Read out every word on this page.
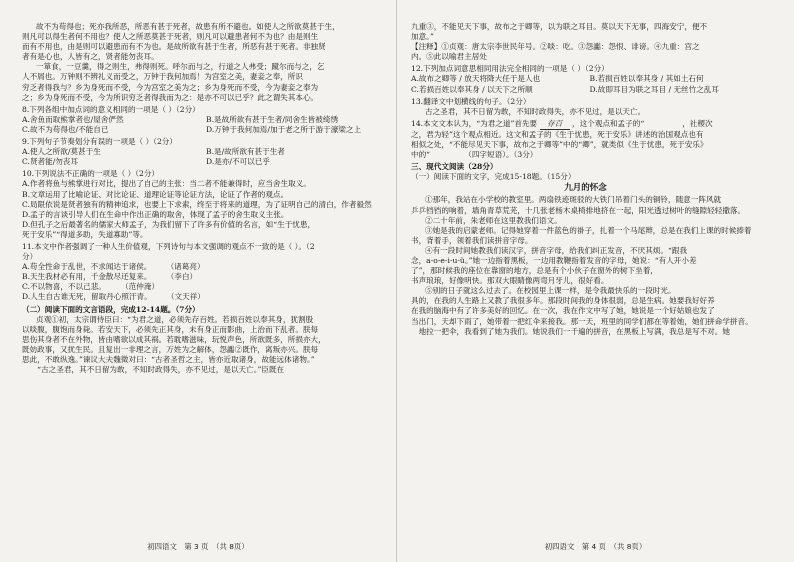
故不为苟得也；死亦我所恶，所恶有甚于死者，故患有所不避也。如使人之所欲莫甚于生，

则凡可以得生者何不用也？使人之所恶莫甚于死者，则凡可以避患者何不为也？由是则生

而有不用也，由是则可以避患而有不为也。是故所欲有甚于生者，所恶有甚于死者。非独贤

者有是心也，人皆有之，贤者能勿丧耳。

一箪食，一豆羹，得之则生，弗得则死。呼尔而与之，行道之人弗受；蹴尔而与之，乞

人不屑也。万钟则不辨礼义而受之，万钟于我何加焉！为宫室之美，妻妾之奉，所识

穷乏者得我与？乡为身死而不受，今为宫室之美为之；乡为身死而不受，今为妻妾之奉为

之；乡为身死而不受，今为所识穷乏者得我而为之：是亦不可以已乎？此之谓失其本心。

8.下列各组中加点词的意义相同的一项是（ ）（2分）

A.舍鱼而取熊掌者也/屋舍俨然	B.是故所欲有甚于生者/同舍生皆被绮绣
C.故不为苟得也/不能自已	D.万钟于我何加焉/加于老之所于游于濠梁之上

9.下列句子节奏划分有误的一项是（ ）（2分）

A.使人之所欲/莫甚于生	B.是/故所欲有甚于生者
C.贤者能/勿丧耳	D.是亦/不可以已乎

10.下列说法不正确的一项是（ ）（2分）

A.作者将鱼与熊掌进行对比，提出了自己的主张：当二者不能兼得时，应当舍生取义。

B.文章运用了比喻论证、对比论证、道理论证等论证方法，论证了作者的观点。

C.局限依说是贤者独有的精神追求，也要上下求索，终至于将来的道理，为了证明自己的清白，作者毅然

D.孟子的言谈引导人们在生命中作出正确的取舍，体现了孟子的舍生取义主张。

D.但孔子之后最著名的儒家大师孟子，为我们留下了许多有价值的名言，如“生于忧患，

死于安乐”“得道多助，失道寡助”等。

11.本文中作者强调了一种人生价值观，下列诗句与本文强调的观点不一致的是（ ）。（2

分）

A.苟全性命于乱世，不求闻达于诸侯。　　　（诸葛亮）

B.天生我材必有用，千金散尽还复来。　　　（李白）

C.不以物喜，不以己悲。　　　（范仲淹）

D.人生自古谁无死，留取丹心照汗青。　　　（文天祥）

（二）阅读下面的文言语段，完成12-14题。（7分）

贞观①初，太宗谓侍臣曰：“为君之道，必须先存百姓。若损百姓以奉其身，犹割股

以啖腹，腹饱而身毙。若安天下，必须先正其身，未有身正而影曲，上治而下乱者。朕每

思伤其身者不在外物，皆由嗜欲以成其祸。若耽嗜滋味，玩悦声色，所欲既多，所损亦大，

既妨政事，又扰生民。且复出一非理之言，万姓为之解体，怨讟②既作，离叛亦兴。朕每

思此，不敢纵逸。”谏议大夫魏徵对曰：“古者圣哲之主，皆亦近取诸身，故能远体诸物。”

　　“古之圣君，其不日留为敢，不知时政得失，亦不见过，是以天亡。”臣既在

初四语文　第 3 页　（共 8页）

九重③，不能见天下事，故布之于卿等，以为联之耳目。莫以天下无事，四海安宁，便不

加意。”

【注释】①贞观：唐太宗李世民年号。②啖：吃。③怨讟：怨恨、诽谤。④九重：宫之

内。⑤此以喻君主居处

12.下列加点词意思相同用法完全相同的一项是（ ）（2分）

A.故布之卿等 / 放天将降大任于是人也	B.若损百姓以奉其身 / 其如土石何
C.若损百姓以奉其身 / 以天下之所顺	D.故即耳目为联之耳目 / 无丝竹之乱耳

13.翻译文中划横线的句子。（2分）

古之圣君，其不日留为敢，不知时政得失，亦不见过，是以天亡。

14.本文文本认为，“为君之道”首先要 存百 ，这个观点和孟子的“　　　　　，社稷次

之，君为轻”这个观点相近。这文和孟子的《生于忧患，死于安乐》讲述的治国观点也有

相似之处，“不能尽见天下事，故布之于卿等”中的“卿”，就类似《生于忧患，死于安乐》

中的“　　　　　（四字短语）。（3分）

三、现代文阅读（28分）

（一）阅读下面的文字，完成15-18题。（15分）

九月的怀念

①那年，我站在小学校的教室里。两扇铁迹斑驳的大铁门吊着门头的铜铃，随意一阵风就

乒乒铛铛的响着，墙角青草荒芜，十几张老杨木桌椅排地挤在一起，阳光透过树叶的缝隙轻轻撒落。

②二十年前，朱老师在这里教我们语文。

③她是我的启蒙老师。记得她穿着一件蓝色的褂子，扎着一个马尾辫，总是在我们上课的时候捧着

书，背着手，领着我们读拼音字母。

④有一段时间她教我们读汉字，拼音字母，给我们纠正发音，不厌其烦。“跟我

念，a-o-e-i-u-ü。”她一边指着黑板，一边用教鞭指着发音的字母，她说：“有人开小差

了”，那时候我的座位在靠窗的地方，总是有个小伙子在窗外的树下坐着，

书声琅琅，好像明快。那双大眼睛像两弯月牙儿，很好看。

⑤别的日子就这么过去了。在校园里上课一样，是令我最快乐的一段时光。

具的，在我的人生路上又教了我很多年。那段时间我的身体很弱，总是生病。她要我好好养

在我的脑海中有了许多美好的回忆。在一次，我在作文中写了她，她说是一个好姑娘也发了

当出门，天却下雨了，她带着一把红伞来接我。那一天，班里的同学们都在等着她，她们拼命学拼音。

　地拉一把伞，我看到了她为我们。她说我们一千遍的拼音，在黑板上写满，我总是写不对。她

初四语文　第 4 页　（共 8页）
